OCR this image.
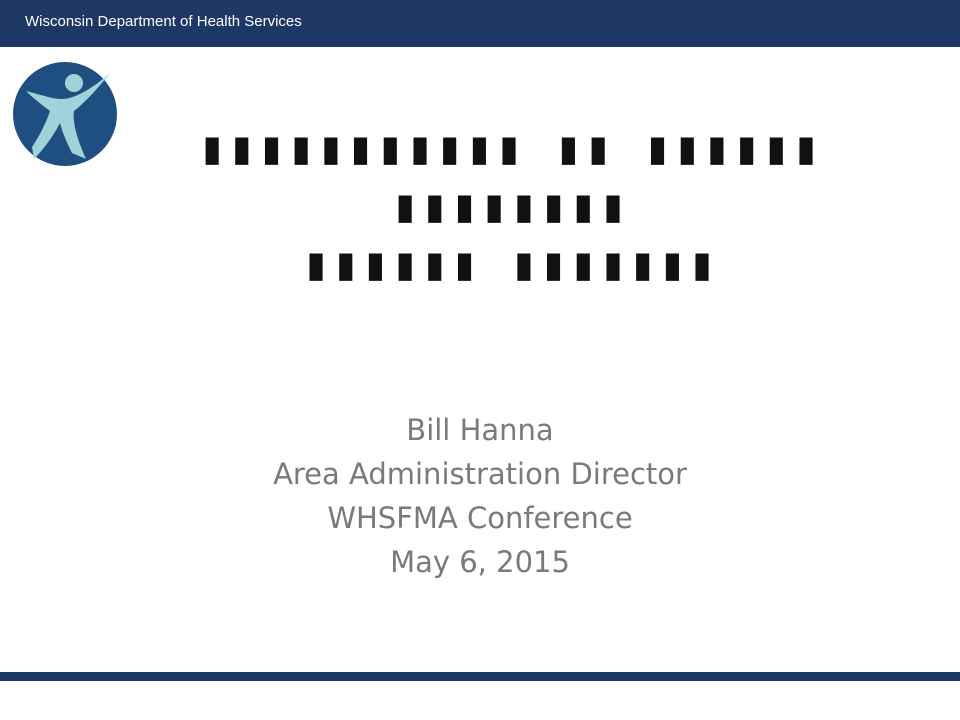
Wisconsin Department of Health Services
▮▮▮▮▮▮▮▮▮▮▮ ▮▮ ▮▮▮▮▮▮
▮▮▮▮▮▮▮▮
▮▮▮▮▮▮ ▮▮▮▮▮▮▮
Bill Hanna
Area Administration Director
WHSFMA Conference
May 6, 2015
